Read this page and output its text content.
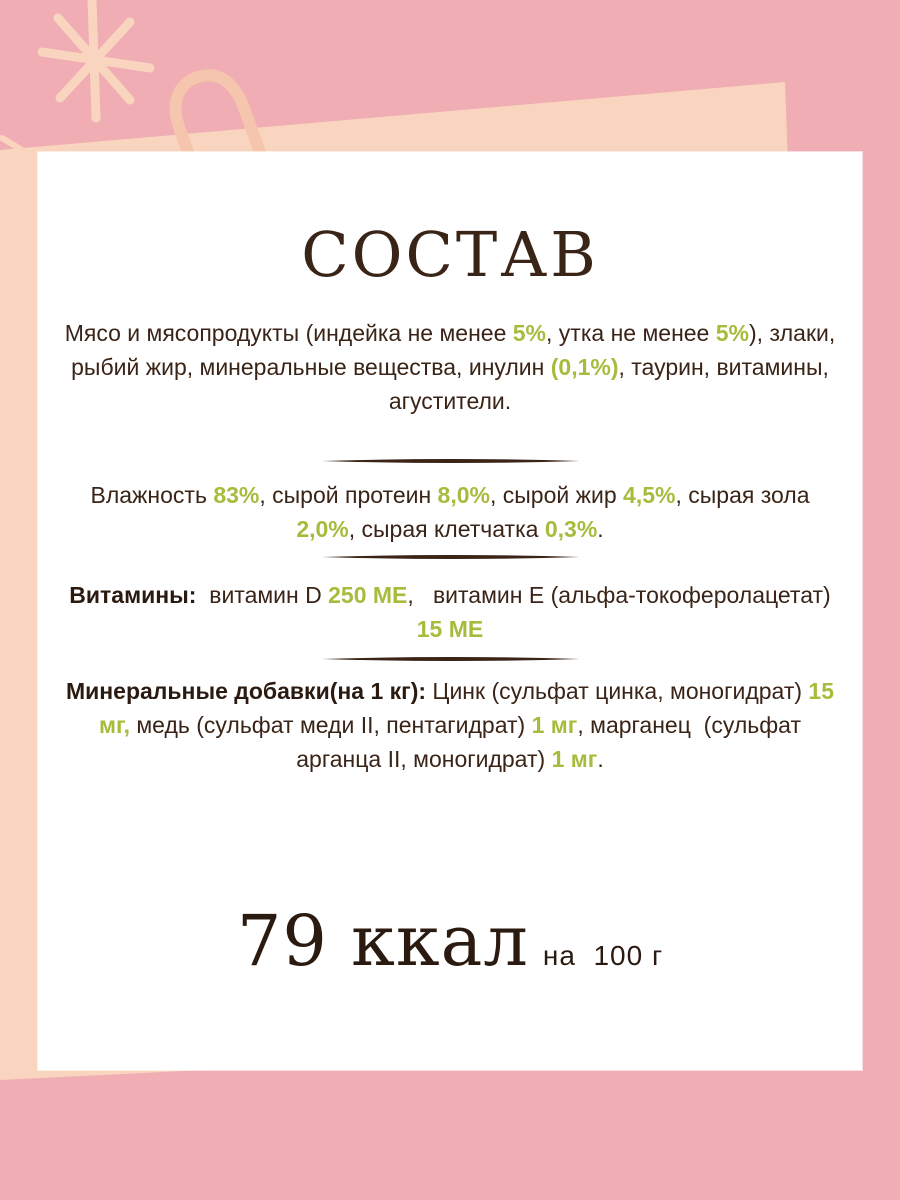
СОСТАВ

Мясо и мясопродукты (индейка не менее 5%, утка не менее 5%), злаки, рыбий жир, минеральные вещества, инулин (0,1%), таурин, витамины, агустители.

Влажность 83%, сырой протеин 8,0%, сырой жир 4,5%, сырая зола 2,0%, сырая клетчатка 0,3%.

Витамины:  витамин D 250 МЕ,   витамин Е (альфа-токоферолацетат) 15 МЕ

Минеральные добавки(на 1 кг): Цинк (сульфат цинка, моногидрат) 15 мг, медь (сульфат меди II, пентагидрат) 1 мг, марганец  (сульфат арганца II, моногидрат) 1 мг.

79 ккал на  100 г
